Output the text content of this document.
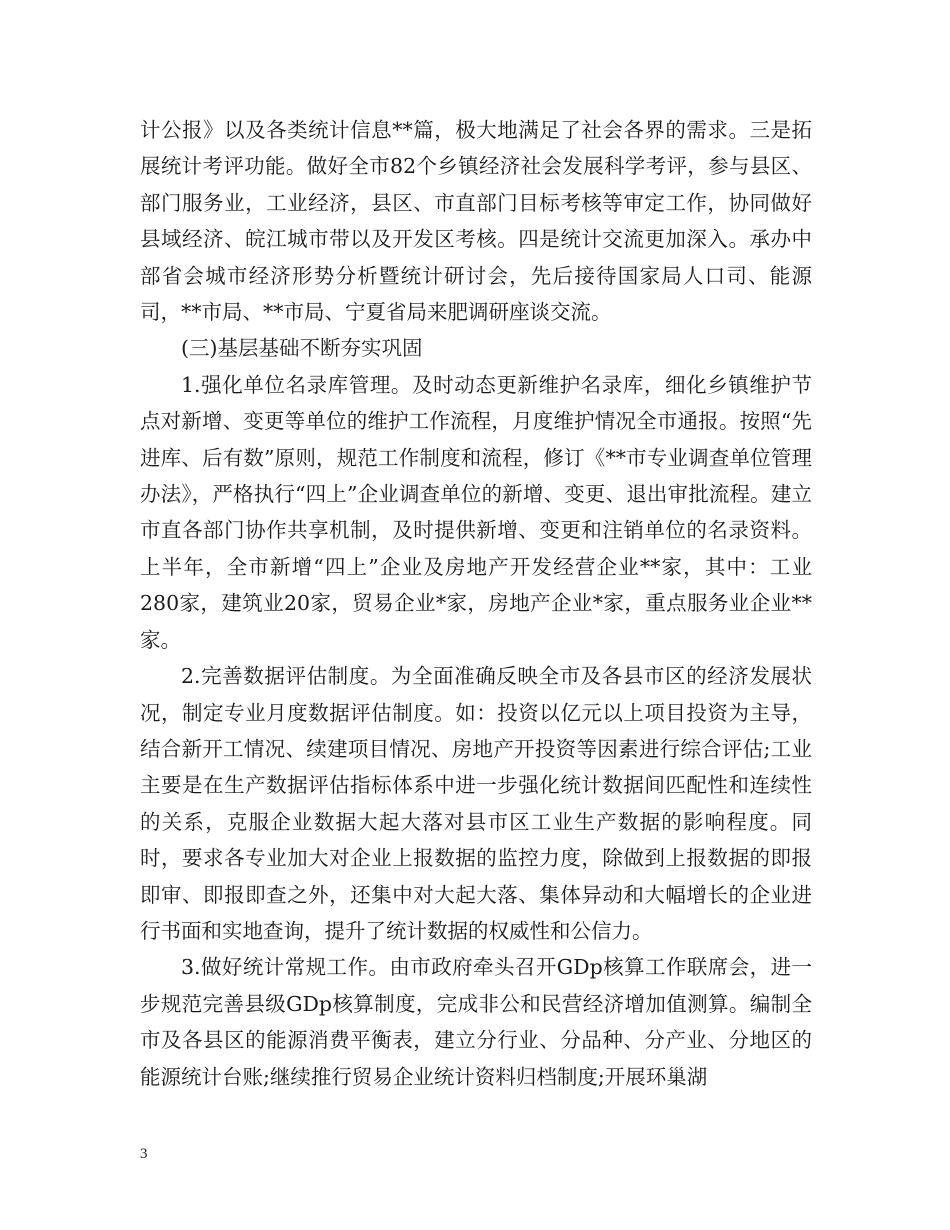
计公报》以及各类统计信息**篇，极大地满足了社会各界的需求。三是拓展统计考评功能。做好全市82个乡镇经济社会发展科学考评，参与县区、部门服务业，工业经济，县区、市直部门目标考核等审定工作，协同做好县域经济、皖江城市带以及开发区考核。四是统计交流更加深入。承办中部省会城市经济形势分析暨统计研讨会，先后接待国家局人口司、能源司，**市局、**市局、宁夏省局来肥调研座谈交流。

(三)基层基础不断夯实巩固

1.强化单位名录库管理。及时动态更新维护名录库，细化乡镇维护节点对新增、变更等单位的维护工作流程，月度维护情况全市通报。按照“先进库、后有数”原则，规范工作制度和流程，修订《**市专业调查单位管理办法》，严格执行“四上”企业调查单位的新增、变更、退出审批流程。建立市直各部门协作共享机制，及时提供新增、变更和注销单位的名录资料。上半年，全市新增“四上”企业及房地产开发经营企业**家，其中：工业280家，建筑业20家，贸易企业*家，房地产企业*家，重点服务业企业**家。

2.完善数据评估制度。为全面准确反映全市及各县市区的经济发展状况，制定专业月度数据评估制度。如：投资以亿元以上项目投资为主导，结合新开工情况、续建项目情况、房地产开投资等因素进行综合评估;工业主要是在生产数据评估指标体系中进一步强化统计数据间匹配性和连续性的关系，克服企业数据大起大落对县市区工业生产数据的影响程度。同时，要求各专业加大对企业上报数据的监控力度，除做到上报数据的即报即审、即报即查之外，还集中对大起大落、集体异动和大幅增长的企业进行书面和实地查询，提升了统计数据的权威性和公信力。

3.做好统计常规工作。由市政府牵头召开GDp核算工作联席会，进一步规范完善县级GDp核算制度，完成非公和民营经济增加值测算。编制全市及各县区的能源消费平衡表，建立分行业、分品种、分产业、分地区的能源统计台账;继续推行贸易企业统计资料归档制度;开展环巢湖

3
